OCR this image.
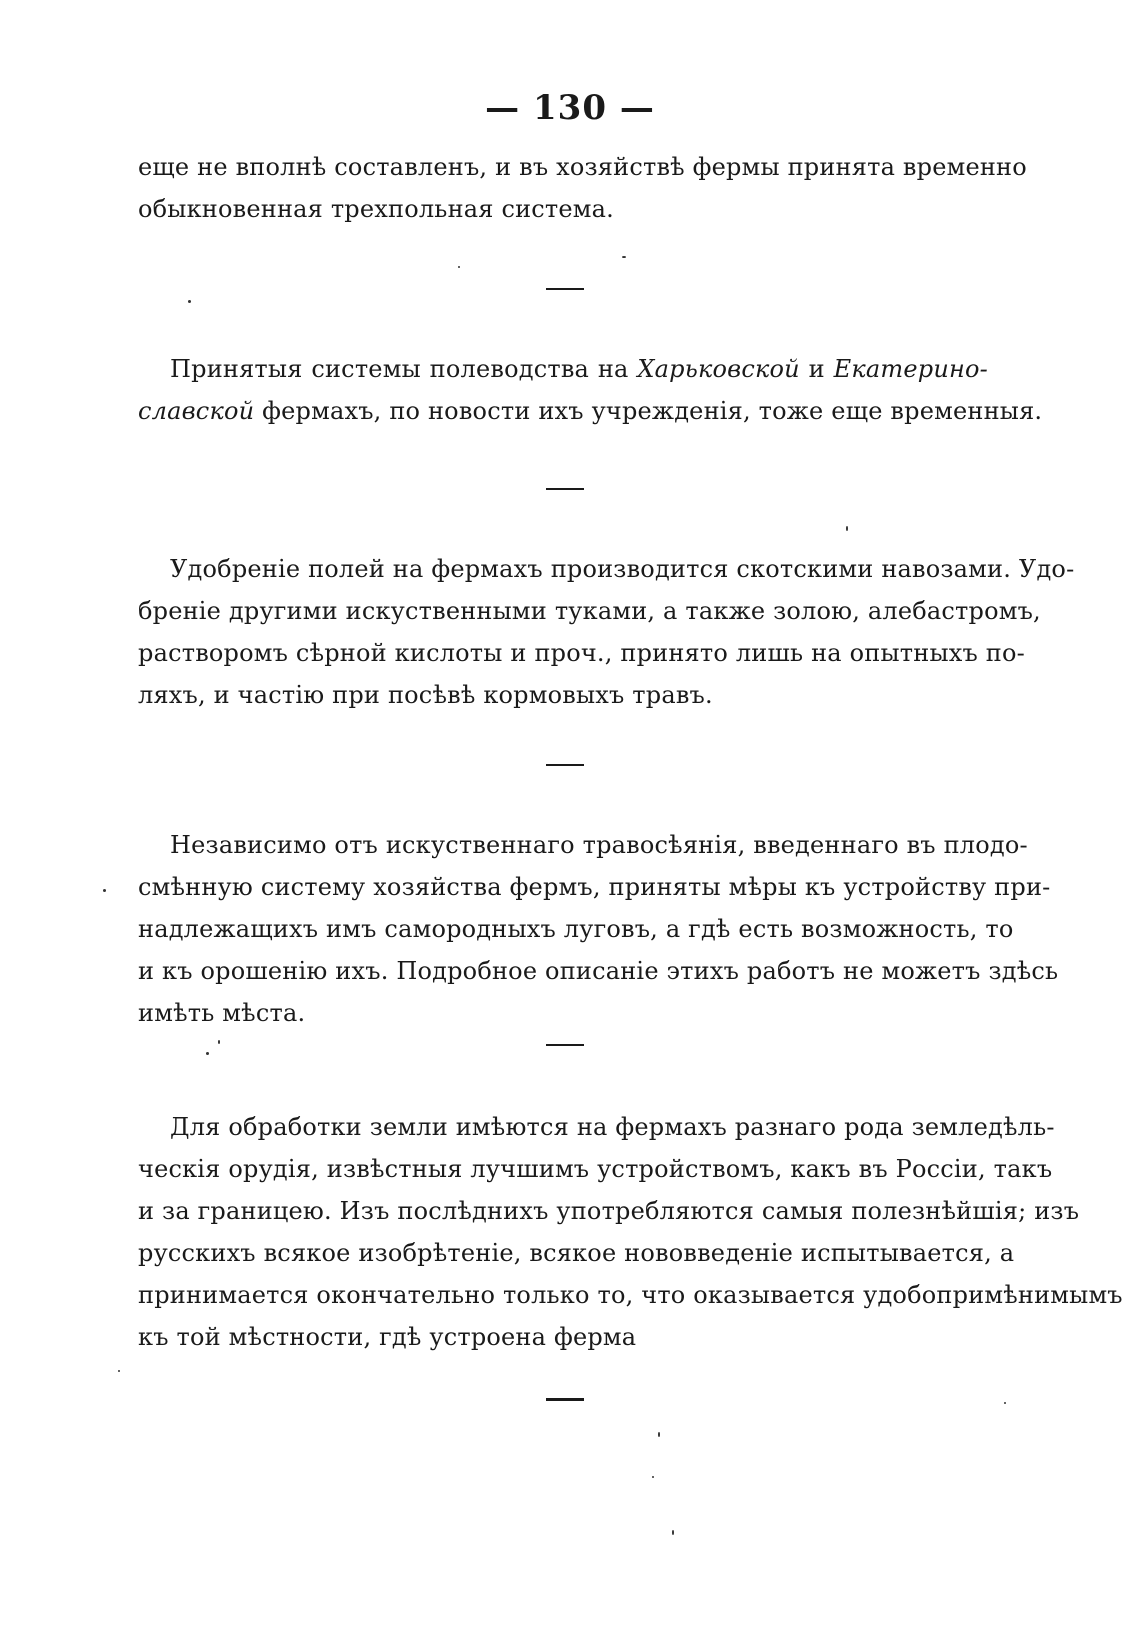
— 130 —
еще не вполнѣ составленъ, и въ хозяйствѣ фермы принята временно
обыкновенная трехпольная система.
Принятыя системы полеводства на Харьковской и Екатерино-
славской фермахъ, по новости ихъ учрежденія, тоже еще временныя.
Удобреніе полей на фермахъ производится скотскими навозами. Удо-
бреніе другими искуственными туками, а также золою, алебастромъ,
растворомъ сѣрной кислоты и проч., принято лишь на опытныхъ по-
ляхъ, и частію при посѣвѣ кормовыхъ травъ.
Независимо отъ искуственнаго травосѣянія, введеннаго въ плодо-
смѣнную систему хозяйства фермъ, приняты мѣры къ устройству при-
надлежащихъ имъ самородныхъ луговъ, а гдѣ есть возможность, то
и къ орошенію ихъ. Подробное описаніе этихъ работъ не можетъ здѣсь
имѣть мѣста.
Для обработки земли имѣются на фермахъ разнаго рода земледѣль-
ческія орудія, извѣстныя лучшимъ устройствомъ, какъ въ Россіи, такъ
и за границею. Изъ послѣднихъ употребляются самыя полезнѣйшія; изъ
русскихъ всякое изобрѣтеніе, всякое нововведеніе испытывается, а
принимается окончательно только то, что оказывается удобопримѣнимымъ
къ той мѣстности, гдѣ устроена ферма
